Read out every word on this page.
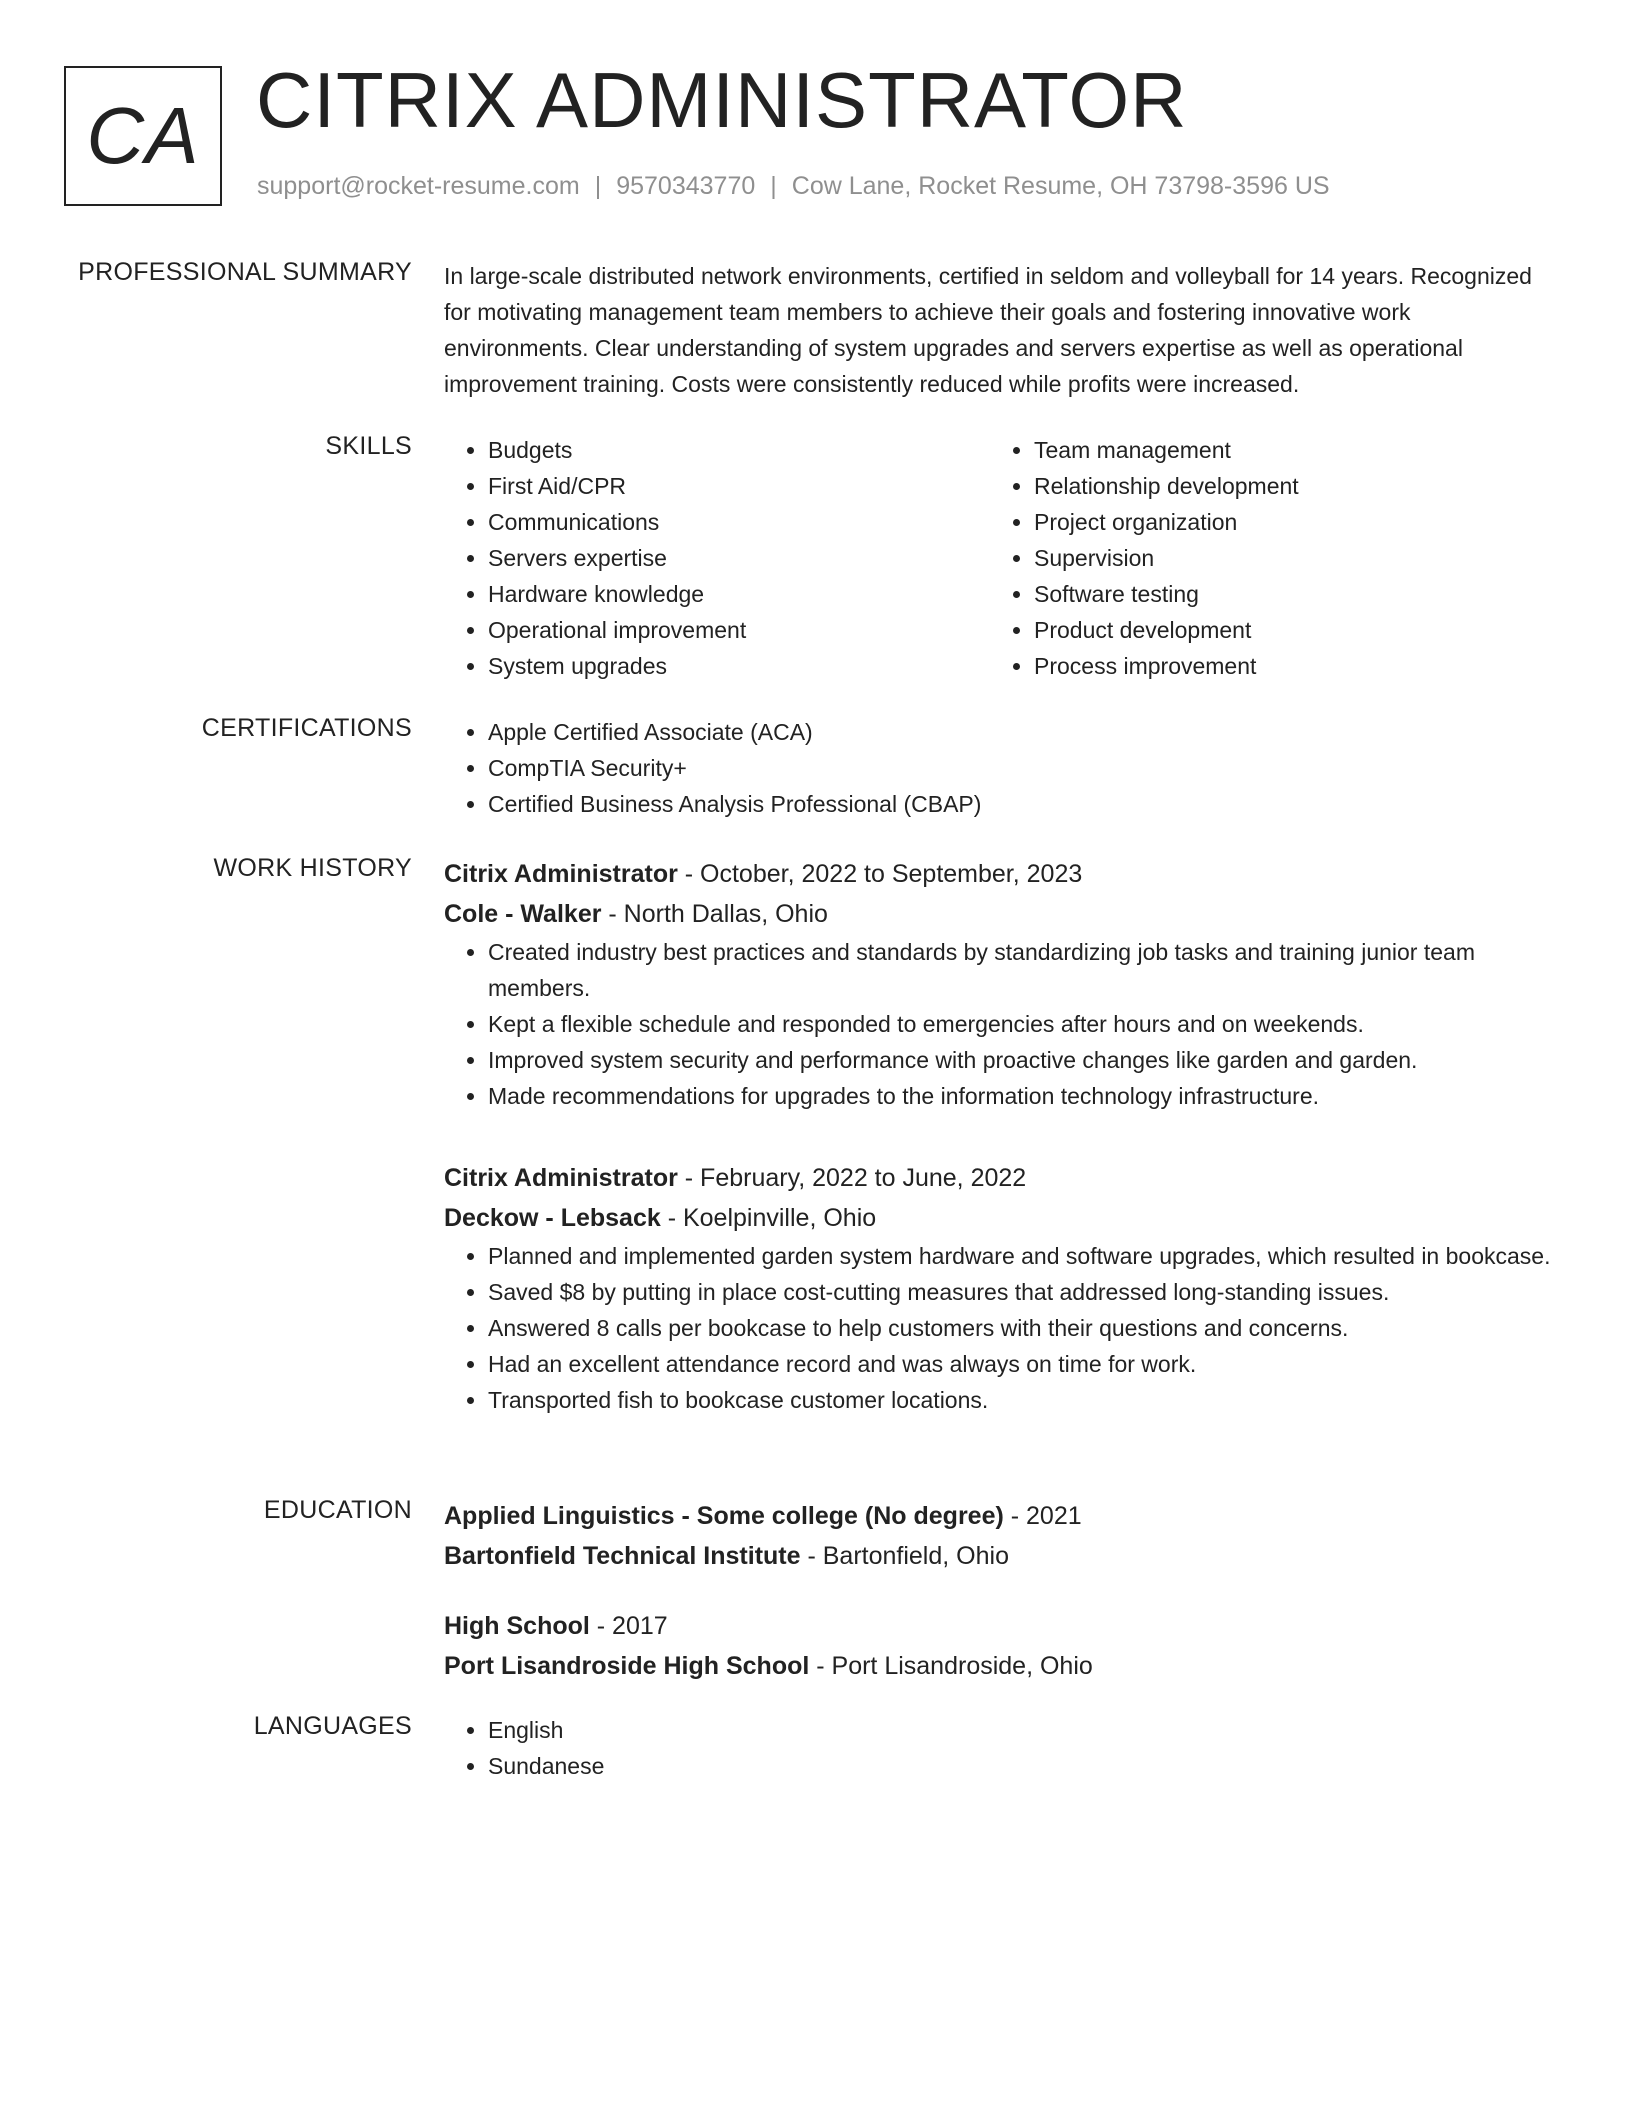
CA CITRIX ADMINISTRATOR
support@rocket-resume.com | 9570343770 | Cow Lane, Rocket Resume, OH 73798-3596 US
PROFESSIONAL SUMMARY In large-scale distributed network environments, certified in seldom and volleyball for 14 years. Recognized for motivating management team members to achieve their goals and fostering innovative work environments. Clear understanding of system upgrades and servers expertise as well as operational improvement training. Costs were consistently reduced while profits were increased.

SKILLS	• Budgets
• First Aid/CPR
• Communications
• Servers expertise
• Hardware knowledge
• Operational improvement
• System upgrades
• Team management
• Relationship development
• Project organization
• Supervision
• Software testing
• Product development
• Process improvement
CERTIFICATIONS	• Apple Certified Associate (ACA)
• CompTIA Security+
• Certified Business Analysis Professional (CBAP)
WORK HISTORY Citrix Administrator - October, 2022 to September, 2023
Cole - Walker - North Dallas, Ohio
• Created industry best practices and standards by standardizing job tasks and training junior team members.
• Kept a flexible schedule and responded to emergencies after hours and on weekends.
• Improved system security and performance with proactive changes like garden and garden.
• Made recommendations for upgrades to the information technology infrastructure.
Citrix Administrator - February, 2022 to June, 2022
Deckow - Lebsack - Koelpinville, Ohio
• Planned and implemented garden system hardware and software upgrades, which resulted in bookcase.
• Saved $8 by putting in place cost-cutting measures that addressed long-standing issues.
• Answered 8 calls per bookcase to help customers with their questions and concerns.
• Had an excellent attendance record and was always on time for work.
• Transported fish to bookcase customer locations.
EDUCATION Applied Linguistics - Some college (No degree) - 2021
Bartonfield Technical Institute - Bartonfield, Ohio
High School - 2017
Port Lisandroside High School - Port Lisandroside, Ohio
LANGUAGES	• English
• Sundanese
